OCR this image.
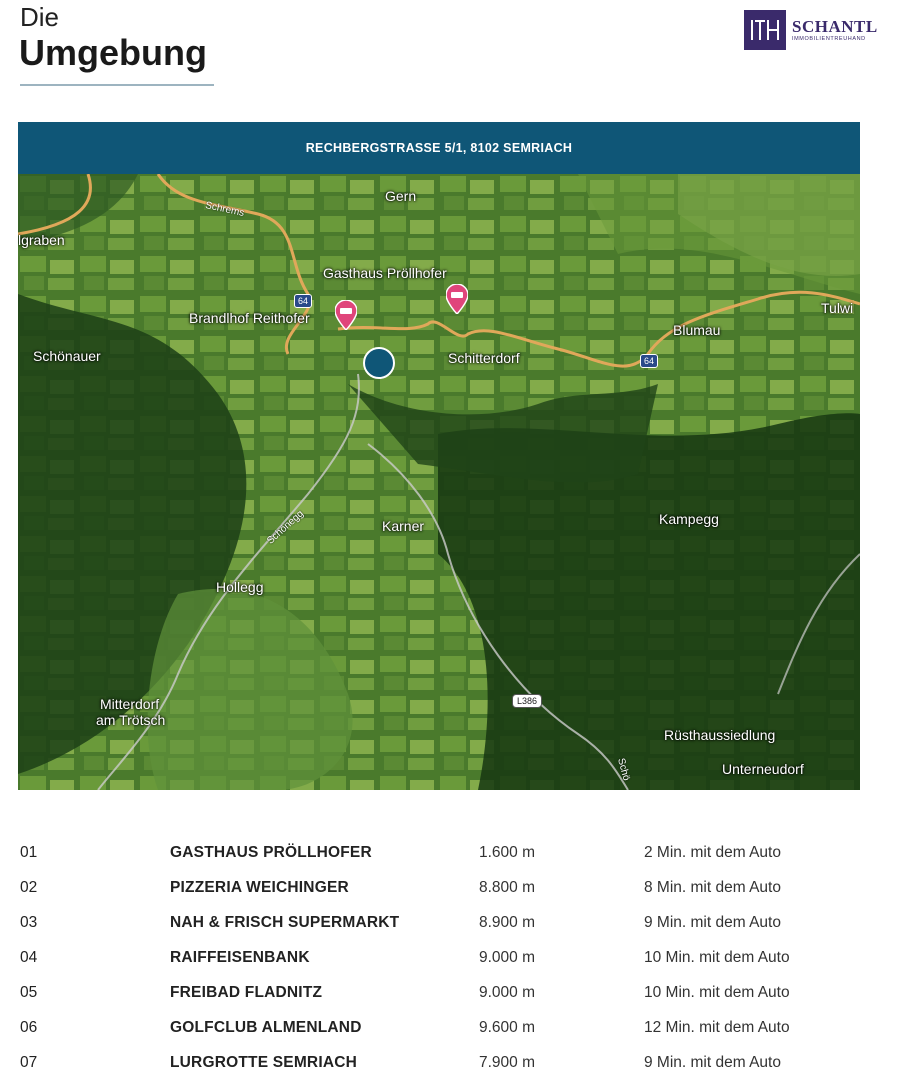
Die
Umgebung
SCHANTL
IMMOBILIENTREUHAND
RECHBERGSTRASSE 5/1, 8102 SEMRIACH
Gern
lgraben
Gasthaus Pröllhofer
Brandlhof Reithofer
Schönauer	Schitterdorf
Blumau
Tulwi
Karner	Kampegg
Hollegg
Mitterdorf
am Trötsch
Rüsthaussiedlung
Unterneudorf
Schrems
Schönegg
Schö
64
64
L386
01	GASTHAUS PRÖLLHOFER	1.600 m	2 Min. mit dem Auto
02	PIZZERIA WEICHINGER	8.800 m	8 Min. mit dem Auto
03	NAH & FRISCH SUPERMARKT	8.900 m	9 Min. mit dem Auto
04	RAIFFEISENBANK	9.000 m	10 Min. mit dem Auto
05	FREIBAD FLADNITZ	9.000 m	10 Min. mit dem Auto
06	GOLFCLUB ALMENLAND	9.600 m	12 Min. mit dem Auto
07	LURGROTTE SEMRIACH	7.900 m	9 Min. mit dem Auto
